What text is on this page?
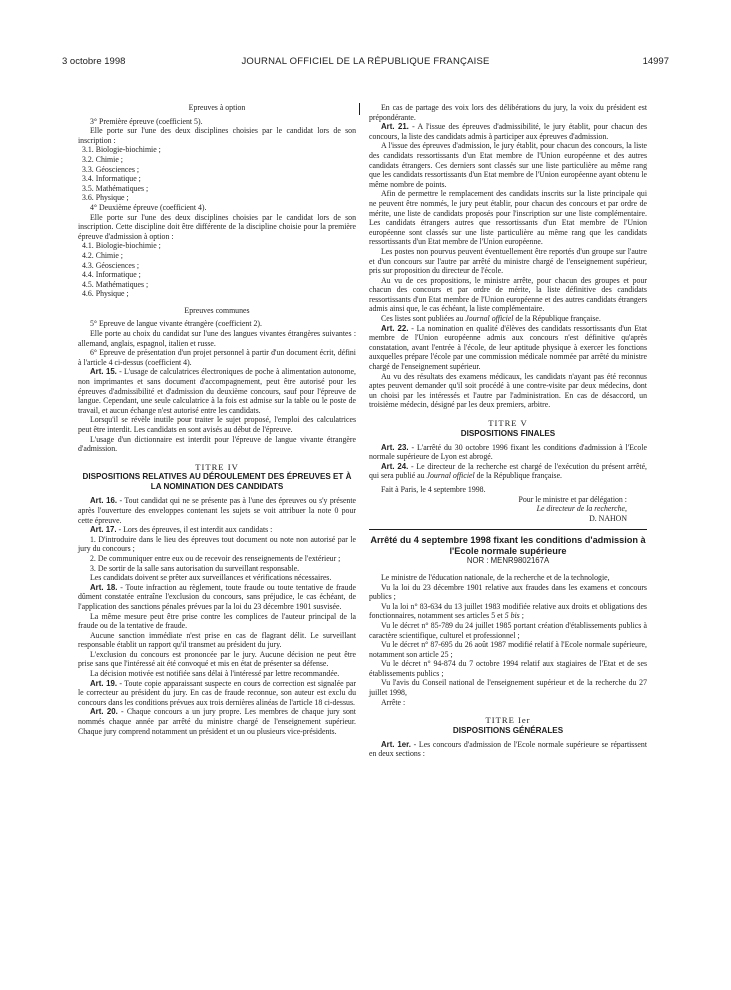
3 octobre 1998	JOURNAL OFFICIEL DE LA RÉPUBLIQUE FRANÇAISE	14997

Epreuves à option

3° Première épreuve (coefficient 5).

Elle porte sur l'une des deux disciplines choisies par le candidat lors de son inscription :

3.1. Biologie-biochimie ;

3.2. Chimie ;

3.3. Géosciences ;

3.4. Informatique ;

3.5. Mathématiques ;

3.6. Physique ;

4° Deuxième épreuve (coefficient 4).

Elle porte sur l'une des deux disciplines choisies par le candidat lors de son inscription. Cette discipline doit être différente de la discipline choisie pour la première épreuve d'admission à option :

4.1. Biologie-biochimie ;

4.2. Chimie ;

4.3. Géosciences ;

4.4. Informatique ;

4.5. Mathématiques ;

4.6. Physique ;

Epreuves communes

5° Epreuve de langue vivante étrangère (coefficient 2).

Elle porte au choix du candidat sur l'une des langues vivantes étrangères suivantes : allemand, anglais, espagnol, italien et russe.

6° Epreuve de présentation d'un projet personnel à partir d'un document écrit, défini à l'article 4 ci-dessus (coefficient 4).

Art. 15. - L'usage de calculatrices électroniques de poche à alimentation autonome, non imprimantes et sans document d'accompagnement, peut être autorisé pour les épreuves d'admissibilité et d'admission du deuxième concours, sauf pour l'épreuve de langue. Cependant, une seule calculatrice à la fois est admise sur la table ou le poste de travail, et aucun échange n'est autorisé entre les candidats.

Lorsqu'il se révèle inutile pour traiter le sujet proposé, l'emploi des calculatrices peut être interdit. Les candidats en sont avisés au début de l'épreuve.

L'usage d'un dictionnaire est interdit pour l'épreuve de langue vivante étrangère d'admission.

TITRE IV

DISPOSITIONS RELATIVES AU DÉROULEMENT DES ÉPREUVES ET À LA NOMINATION DES CANDIDATS

Art. 16. - Tout candidat qui ne se présente pas à l'une des épreuves ou s'y présente après l'ouverture des enveloppes contenant les sujets se voit attribuer la note 0 pour cette épreuve.

Art. 17. - Lors des épreuves, il est interdit aux candidats :

1. D'introduire dans le lieu des épreuves tout document ou note non autorisé par le jury du concours ;

2. De communiquer entre eux ou de recevoir des renseignements de l'extérieur ;

3. De sortir de la salle sans autorisation du surveillant responsable.

Les candidats doivent se prêter aux surveillances et vérifications nécessaires.

Art. 18. - Toute infraction au règlement, toute fraude ou toute tentative de fraude dûment constatée entraîne l'exclusion du concours, sans préjudice, le cas échéant, de l'application des sanctions pénales prévues par la loi du 23 décembre 1901 susvisée.

La même mesure peut être prise contre les complices de l'auteur principal de la fraude ou de la tentative de fraude.

Aucune sanction immédiate n'est prise en cas de flagrant délit. Le surveillant responsable établit un rapport qu'il transmet au président du jury.

L'exclusion du concours est prononcée par le jury. Aucune décision ne peut être prise sans que l'intéressé ait été convoqué et mis en état de présenter sa défense.

La décision motivée est notifiée sans délai à l'intéressé par lettre recommandée.

Art. 19. - Toute copie apparaissant suspecte en cours de correction est signalée par le correcteur au président du jury. En cas de fraude reconnue, son auteur est exclu du concours dans les conditions prévues aux trois dernières alinéas de l'article 18 ci-dessus.

Art. 20. - Chaque concours a un jury propre. Les membres de chaque jury sont nommés chaque année par arrêté du ministre chargé de l'enseignement supérieur. Chaque jury comprend notamment un président et un ou plusieurs vice-présidents.

En cas de partage des voix lors des délibérations du jury, la voix du président est prépondérante.

Art. 21. - A l'issue des épreuves d'admissibilité, le jury établit, pour chacun des concours, la liste des candidats admis à participer aux épreuves d'admission.

A l'issue des épreuves d'admission, le jury établit, pour chacun des concours, la liste des candidats ressortissants d'un Etat membre de l'Union européenne et des autres candidats étrangers. Ces derniers sont classés sur une liste particulière au même rang que les candidats ressortissants d'un Etat membre de l'Union européenne ayant obtenu le même nombre de points.

Afin de permettre le remplacement des candidats inscrits sur la liste principale qui ne peuvent être nommés, le jury peut établir, pour chacun des concours et par ordre de mérite, une liste de candidats proposés pour l'inscription sur une liste complémentaire. Les candidats étrangers autres que ressortissants d'un Etat membre de l'Union européenne sont classés sur une liste particulière au même rang que les candidats ressortissants d'un Etat membre de l'Union européenne.

Les postes non pourvus peuvent éventuellement être reportés d'un groupe sur l'autre et d'un concours sur l'autre par arrêté du ministre chargé de l'enseignement supérieur, pris sur proposition du directeur de l'école.

Au vu de ces propositions, le ministre arrête, pour chacun des groupes et pour chacun des concours et par ordre de mérite, la liste définitive des candidats ressortissants d'un Etat membre de l'Union européenne et des autres candidats étrangers admis ainsi que, le cas échéant, la liste complémentaire.

Ces listes sont publiées au Journal officiel de la République française.

Art. 22. - La nomination en qualité d'élèves des candidats ressortissants d'un Etat membre de l'Union européenne admis aux concours n'est définitive qu'après constatation, avant l'entrée à l'école, de leur aptitude physique à exercer les fonctions auxquelles prépare l'école par une commission médicale nommée par arrêté du ministre chargé de l'enseignement supérieur.

Au vu des résultats des examens médicaux, les candidats n'ayant pas été reconnus aptes peuvent demander qu'il soit procédé à une contre-visite par deux médecins, dont un choisi par les intéressés et l'autre par l'administration. En cas de désaccord, un troisième médecin, désigné par les deux premiers, arbitre.

TITRE V

DISPOSITIONS FINALES

Art. 23. - L'arrêté du 30 octobre 1996 fixant les conditions d'admission à l'Ecole normale supérieure de Lyon est abrogé.

Art. 24. - Le directeur de la recherche est chargé de l'exécution du présent arrêté, qui sera publié au Journal officiel de la République française.

Fait à Paris, le 4 septembre 1998.

Pour le ministre et par délégation :

Le directeur de la recherche,

D. NAHON

Arrêté du 4 septembre 1998 fixant les conditions d'admission à l'Ecole normale supérieure

NOR : MENR9802167A

Le ministre de l'éducation nationale, de la recherche et de la technologie,

Vu la loi du 23 décembre 1901 relative aux fraudes dans les examens et concours publics ;

Vu la loi n° 83-634 du 13 juillet 1983 modifiée relative aux droits et obligations des fonctionnaires, notamment ses articles 5 et 5 bis ;

Vu le décret n° 85-789 du 24 juillet 1985 portant création d'établissements publics à caractère scientifique, culturel et professionnel ;

Vu le décret n° 87-695 du 26 août 1987 modifié relatif à l'Ecole normale supérieure, notamment son article 25 ;

Vu le décret n° 94-874 du 7 octobre 1994 relatif aux stagiaires de l'Etat et de ses établissements publics ;

Vu l'avis du Conseil national de l'enseignement supérieur et de la recherche du 27 juillet 1998,

Arrête :

TITRE Ier

DISPOSITIONS GÉNÉRALES

Art. 1er. - Les concours d'admission de l'Ecole normale supérieure se répartissent en deux sections :
